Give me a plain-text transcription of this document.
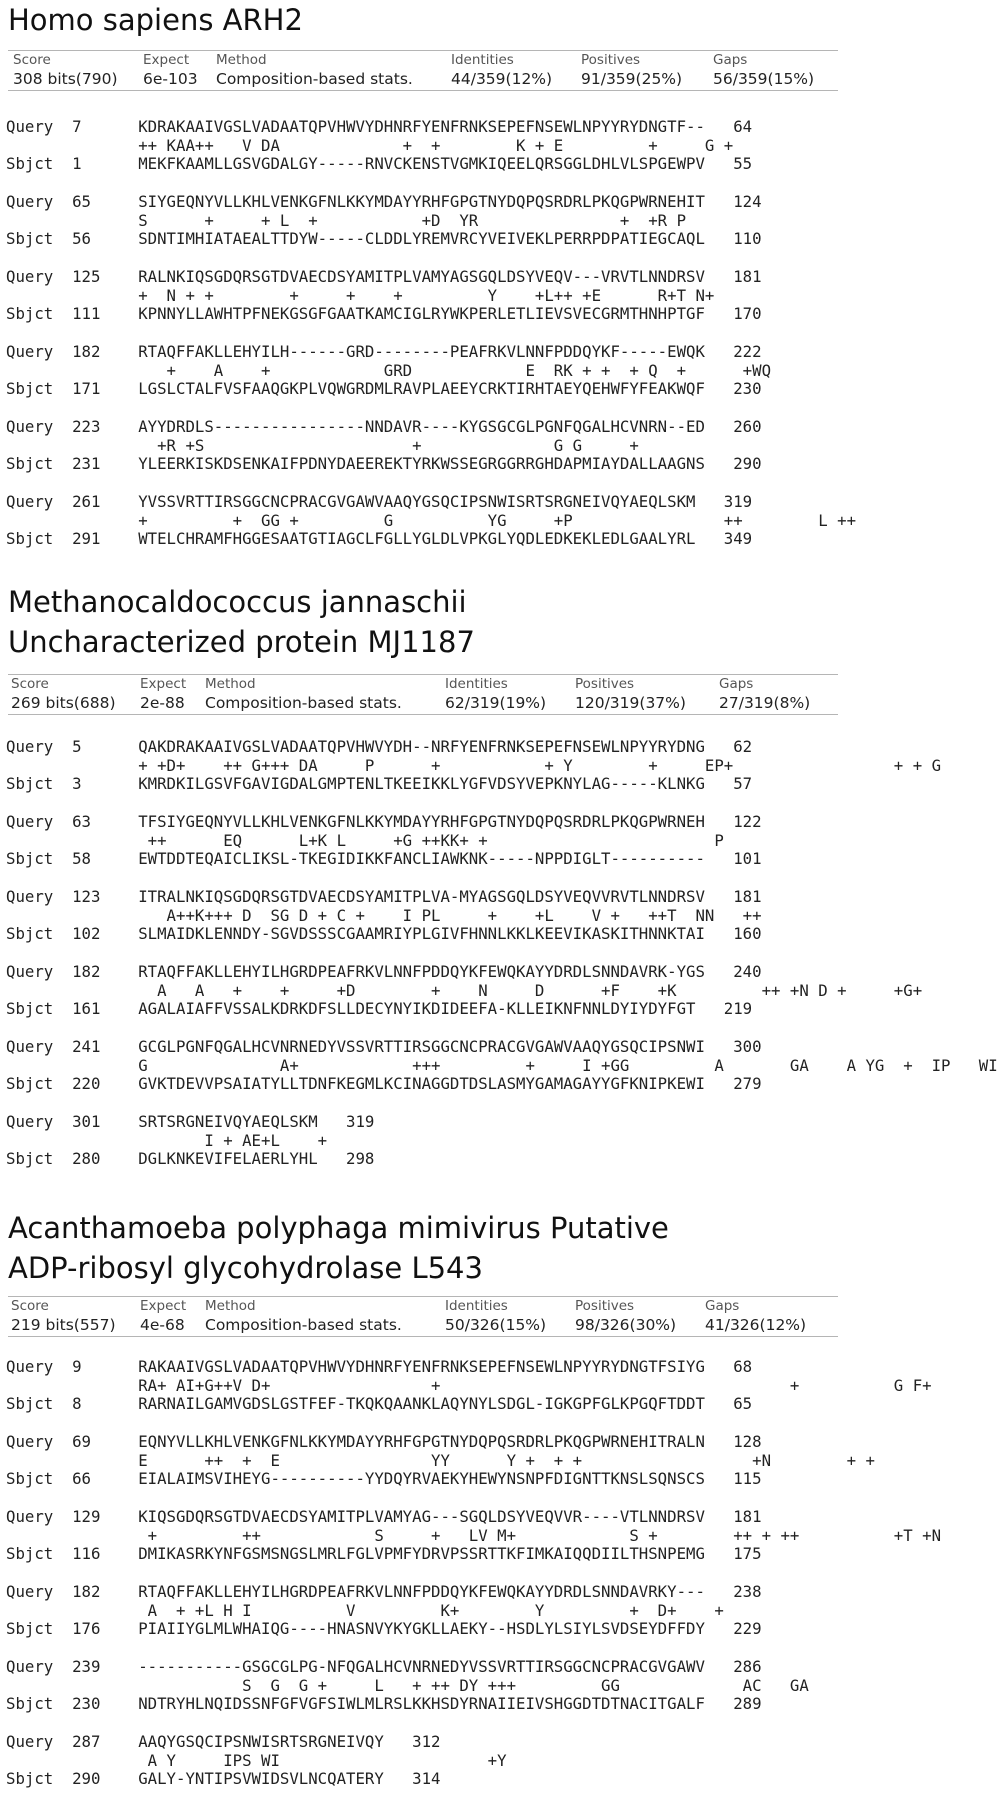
Homo sapiens ARH2
Score	Expect Method	Identities	Positives	Gaps
308 bits(790) 6e-103 Composition-based stats. 44/359(12%) 91/359(25%) 56/359(15%)
Query  7      KDRAKAAIVGSLVADAATQPVHWVYDHNRFYENFRNKSEPEFNSEWLNPYYRYDNGTF--   64
++ KAA++   V DA             +  +        K + E         +     G +
Sbjct  1      MEKFKAAMLLGSVGDALGY-----RNVCKENSTVGMKIQEELQRSGGLDHLVLSPGEWPV   55
Query  65     SIYGEQNYVLLKHLVENKGFNLKKYMDAYYRHFGPGTNYDQPQSRDRLPKQGPWRNEHIT   124
S      +     + L  +           +D  YR               +  +R P
Sbjct  56     SDNTIMHIATAEALTTDYW-----CLDDLYREMVRCYVEIVEKLPERRPDPATIEGCAQL   110
Query  125    RALNKIQSGDQRSGTDVAECDSYAMITPLVAMYAGSGQLDSYVEQV---VRVTLNNDRSV   181
+  N + +        +     +    +         Y    +L++ +E      R+T N+
Sbjct  111    KPNNYLLAWHTPFNEKGSGFGAATKAMCIGLRYWKPERLETLIEVSVECGRMTHNHPTGF   170
Query  182    RTAQFFAKLLEHYILH------GRD--------PEAFRKVLNNFPDDQYKF-----EWQK   222
+    A    +            GRD            E  RK + +  + Q  +      +WQ
Sbjct  171    LGSLCTALFVSFAAQGKPLVQWGRDMLRAVPLAEEYCRKTIRHTAEYQEHWFYFEAKWQF   230
Query  223    AYYDRDLS----------------NNDAVR----KYGSGCGLPGNFQGALHCVNRN--ED   260
+R +S                      +              G G     +
Sbjct  231    YLEERKISKDSENKAIFPDNYDAEEREKTYRKWSSEGRGGRRGHDAPMIAYDALLAAGNS   290
Query  261    YVSSVRTTIRSGGCNCPRACGVGAWVAAQYGSQCIPSNWISRTSRGNEIVQYAEQLSKM   319
+         +  GG +         G          YG     +P                ++        L ++
Sbjct  291    WTELCHRAMFHGGESAATGTIAGCLFGLLYGLDLVPKGLYQDLEDKEKLEDLGAALYRL   349
Methanocaldococcus jannaschii
Uncharacterized protein MJ1187
Score	Expect Method	Identities	Positives	Gaps
269 bits(688) 2e-88 Composition-based stats.	62/319(19%) 120/319(37%) 27/319(8%)
Query  5      QAKDRAKAAIVGSLVADAATQPVHWVYDH--NRFYENFRNKSEPEFNSEWLNPYYRYDNG   62
+ +D+    ++ G+++ DA     P      +           + Y        +     EP+                 + + G
Sbjct  3      KMRDKILGSVFGAVIGDALGMPTENLTKEEIKKLYGFVDSYVEPKNYLAG-----KLNKG   57
Query  63     TFSIYGEQNYVLLKHLVENKGFNLKKYMDAYYRHFGPGTNYDQPQSRDRLPKQGPWRNEH   122
++      EQ      L+K L     +G ++KK+ +                        P
Sbjct  58     EWTDDTEQAICLIKSL-TKEGIDIKKFANCLIAWKNK-----NPPDIGLT----------   101
Query  123    ITRALNKIQSGDQRSGTDVAECDSYAMITPLVA-MYAGSGQLDSYVEQVVRVTLNNDRSV   181
A++K+++ D  SG D + C +    I PL     +    +L    V +   ++T  NN   ++
Sbjct  102    SLMAIDKLENNDY-SGVDSSSCGAAMRIYPLGIVFHNNLKKLKEEVIKASKITHNNKTAI   160
Query  182    RTAQFFAKLLEHYILHGRDPEAFRKVLNNFPDDQYKFEWQKAYYDRDLSNNDAVRK-YGS   240
A   A   +    +     +D        +    N     D      +F    +K         ++ +N D +     +G+
Sbjct  161    AGALAIAFFVSSALKDRKDFSLLDECYNYIKDIDEEFA-KLLEIKNFNNLDYIYDYFGT   219
Query  241    GCGLPGNFQGALHCVNRNEDYVSSVRTTIRSGGCNCPRACGVGAWVAAQYGSQCIPSNWI   300
G              A+            +++         +     I +GG         A       GA    A YG  +  IP   WI
Sbjct  220    GVKTDEVVPSAIATYLLTDNFKEGMLKCINAGGDTDSLASMYGAMAGAYYGFKNIPKEWI   279
Query  301    SRTSRGNEIVQYAEQLSKM   319
I + AE+L    +
Sbjct  280    DGLKNKEVIFELAERLYHL   298
Acanthamoeba polyphaga mimivirus Putative
ADP-ribosyl glycohydrolase L543
Score	Expect Method	Identities	Positives	Gaps
219 bits(557) 4e-68 Composition-based stats.	50/326(15%) 98/326(30%) 41/326(12%)
Query  9      RAKAAIVGSLVADAATQPVHWVYDHNRFYENFRNKSEPEFNSEWLNPYYRYDNGTFSIYG   68
RA+ AI+G++V D+                 +                                     +          G F+
Sbjct  8      RARNAILGAMVGDSLGSTFEF-TKQKQAANKLAQYNYLSDGL-IGKGPFGLKPGQFTDDT   65
Query  69     EQNYVLLKHLVENKGFNLKKYMDAYYRHFGPGTNYDQPQSRDRLPKQGPWRNEHITRALN   128
E      ++  +  E                YY      Y +  + +                  +N        + +
Sbjct  66     EIALAIMSVIHEYG----------YYDQYRVAEKYHEWYNSNPFDIGNTTKNSLSQNSCS   115
Query  129    KIQSGDQRSGTDVAECDSYAMITPLVAMYAG---SGQLDSYVEQVVR----VTLNNDRSV   181
+         ++            S     +   LV M+            S +        ++ + ++          +T +N
Sbjct  116    DMIKASRKYNFGSMSNGSLMRLFGLVPMFYDRVPSSRTTKFIMKAIQQDIILTHSNPEMG   175
Query  182    RTAQFFAKLLEHYILHGRDPEAFRKVLNNFPDDQYKFEWQKAYYDRDLSNNDAVRKY---   238
A  + +L H I          V         K+        Y         +  D+    +
Sbjct  176    PIAIIYGLMLWHAIQG----HNASNVYKYGKLLAEKY--HSDLYLSIYLSVDSEYDFFDY   229
Query  239    -----------GSGCGLPG-NFQGALHCVNRNEDYVSSVRTTIRSGGCNCPRACGVGAWV   286
S  G  G +     L   + ++ DY +++         GG             AC   GA
Sbjct  230    NDTRYHLNQIDSSNFGFVGFSIWLMLRSLKKHSDYRNAIIEIVSHGGDTDTNACITGALF   289
Query  287    AAQYGSQCIPSNWISRTSRGNEIVQY   312
A Y     IPS WI                      +Y
Sbjct  290    GALY-YNTIPSVWIDSVLNCQATERY   314
